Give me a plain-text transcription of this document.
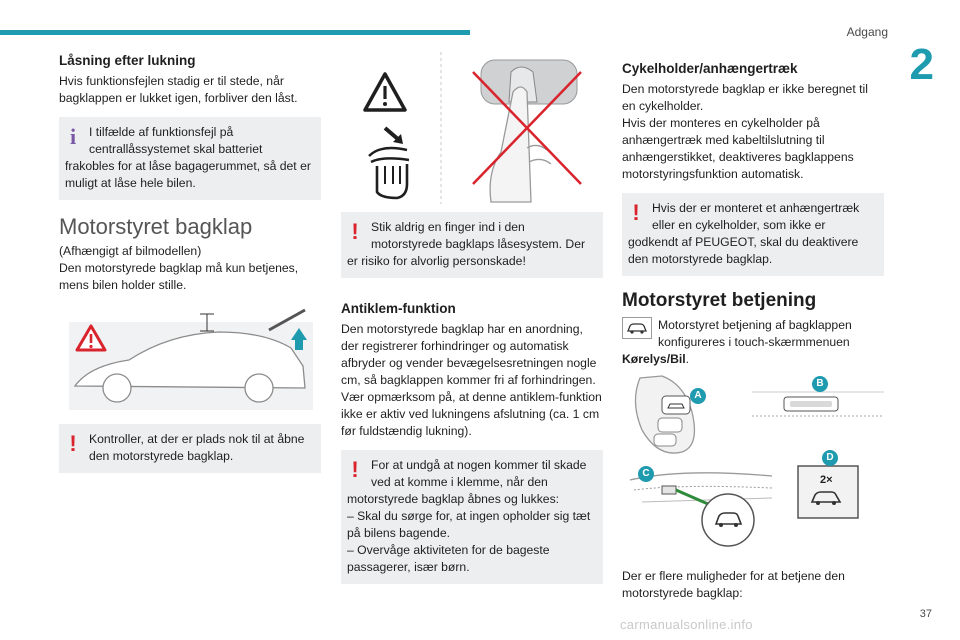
Adgang
2
37
carmanualsonline.info
Låsning efter lukning

Hvis funktionsfejlen stadig er til stede, når bagklappen er lukket igen, forbliver den låst.

i	I tilfælde af funktionsfejl på centrallåssystemet skal batteriet frakobles for at låse bagagerummet, så det er muligt at låse hele bilen.
Motorstyret bagklap

(Afhængigt af bilmodellen)

Den motorstyrede bagklap må kun betjenes, mens bilen holder stille.

!	Kontroller, at der er plads nok til at åbne den motorstyrede bagklap.
!	Stik aldrig en finger ind i den motorstyrede bagklaps låsesystem. Der er risiko for alvorlig personskade!
Antiklem-funktion

Den motorstyrede bagklap har en anordning, der registrerer forhindringer og automatisk afbryder og vender bevægelsesretningen nogle cm, så bagklappen kommer fri af forhindringen.

Vær opmærksom på, at denne antiklem-funktion ikke er aktiv ved lukningens afslutning (ca. 1 cm før fuldstændig lukning).

!	For at undgå at nogen kommer til skade ved at komme i klemme, når den motorstyrede bagklap åbnes og lukkes:

– Skal du sørge for, at ingen opholder sig tæt på bilens bagende.

– Overvåge aktiviteten for de bageste passagerer, især børn.

Cykelholder/anhængertræk

Den motorstyrede bagklap er ikke beregnet til en cykelholder.

Hvis der monteres en cykelholder på anhængertræk med kabeltilslutning til anhængerstikket, deaktiveres bagklappens motorstyringsfunktion automatisk.

!	Hvis der er monteret et anhængertræk eller en cykelholder, som ikke er godkendt af PEUGEOT, skal du deaktivere den motorstyrede bagklap.
Motorstyret betjening
Motorstyret betjening af bagklappen konfigureres i touch-skærmmenuen Kørelys/Bil.
2×
A
B
C
D

Der er flere muligheder for at betjene den motorstyrede bagklap:
